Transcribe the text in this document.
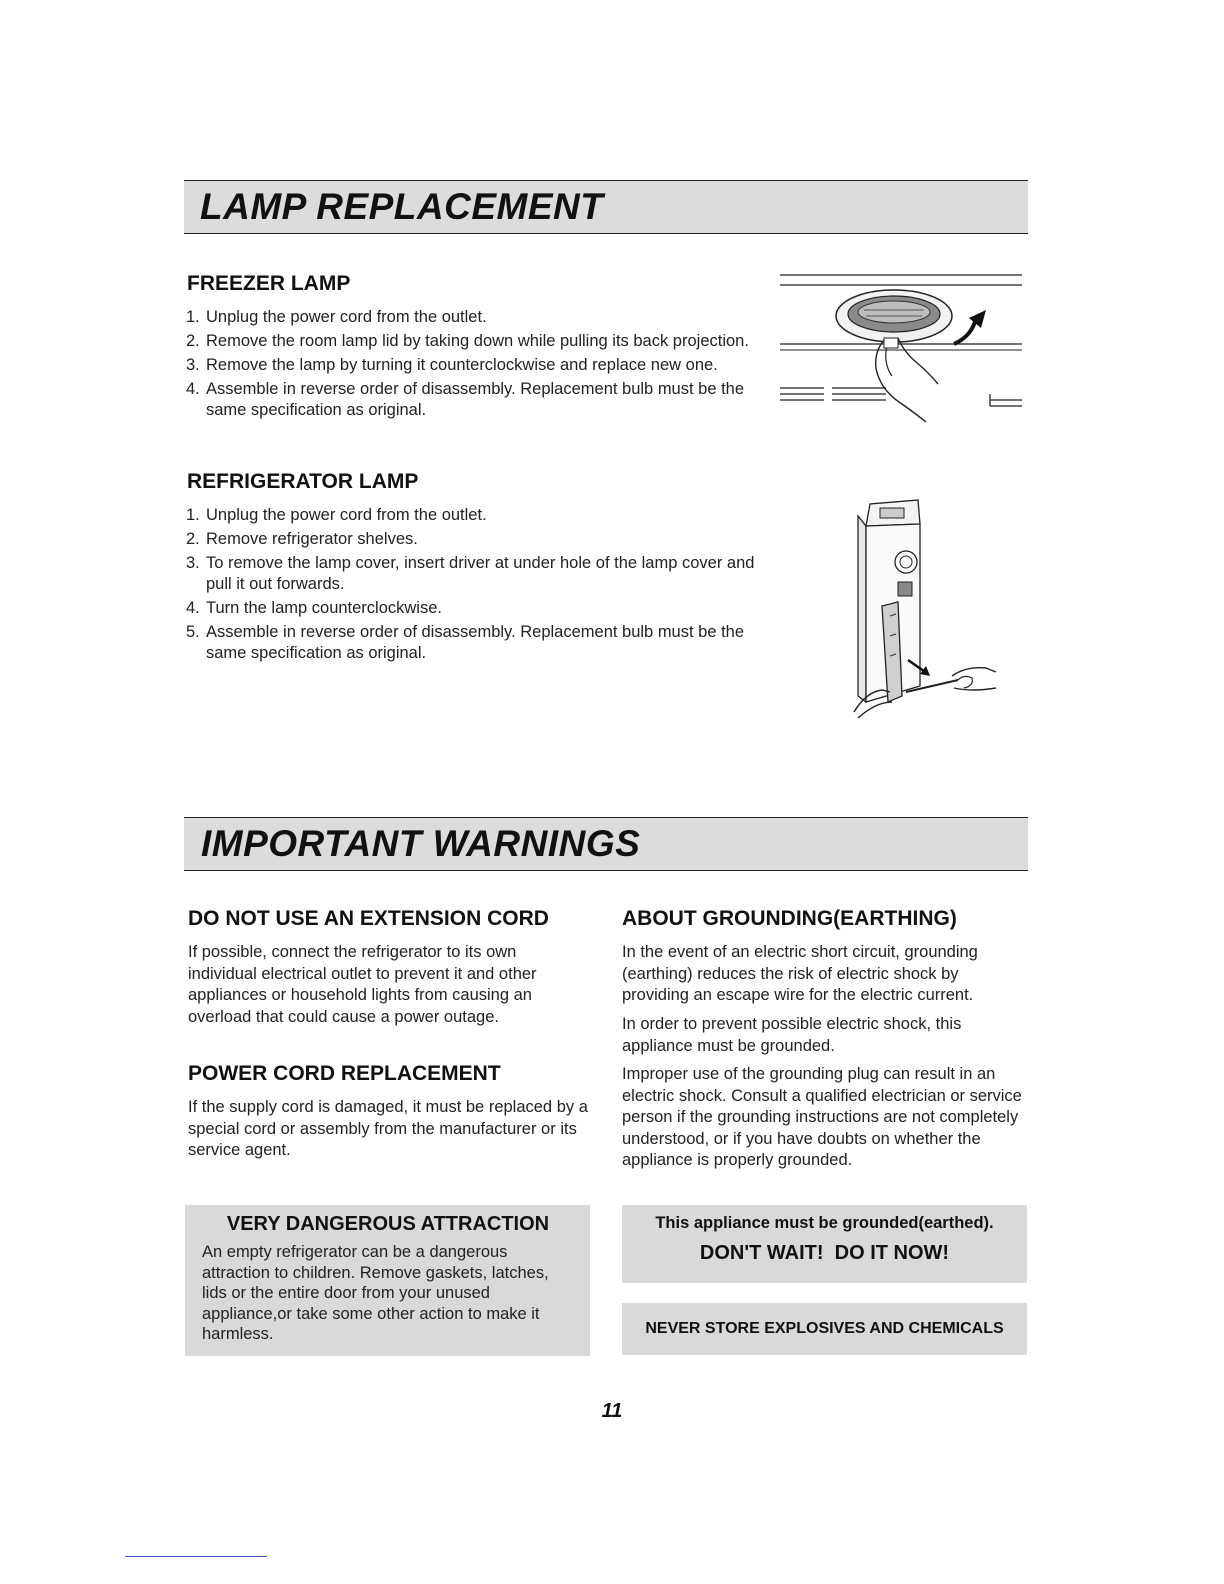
LAMP REPLACEMENT
FREEZER LAMP
1. Unplug the power cord from the outlet.
2. Remove the room lamp lid by taking down while pulling its back projection.
3. Remove the lamp by turning it counterclockwise and replace new one.
4. Assemble in reverse order of disassembly. Replacement bulb must be the same specification as original.
REFRIGERATOR LAMP
1. Unplug the power cord from the outlet.
2. Remove refrigerator shelves.
3. To remove the lamp cover, insert driver at under hole of the lamp cover and pull it out forwards.
4. Turn the lamp counterclockwise.
5. Assemble in reverse order of disassembly. Replacement bulb must be the same specification as original.
IMPORTANT WARNINGS
DO NOT USE AN EXTENSION CORD

If possible, connect the refrigerator to its own individual electrical outlet to prevent it and other appliances or household lights from causing an overload that could cause a power outage.

POWER CORD REPLACEMENT

If the supply cord is damaged, it must be replaced by a special cord or assembly from the manufacturer or its service agent.

ABOUT GROUNDING(EARTHING)

In the event of an electric short circuit, grounding (earthing) reduces the risk of electric shock by providing an escape wire for the electric current.

In order to prevent possible electric shock, this appliance must be grounded.

Improper use of the grounding plug can result in an electric shock. Consult a qualified electrician or service person if the grounding instructions are not completely understood, or if you have doubts on whether the appliance is properly grounded.

VERY DANGEROUS ATTRACTION
An empty refrigerator can be a dangerous attraction to children. Remove gaskets, latches, lids or the entire door from your unused appliance,or take some other action to make it harmless.
This appliance must be grounded(earthed).
DON'T WAIT!  DO IT NOW!
NEVER STORE EXPLOSIVES AND CHEMICALS
11
